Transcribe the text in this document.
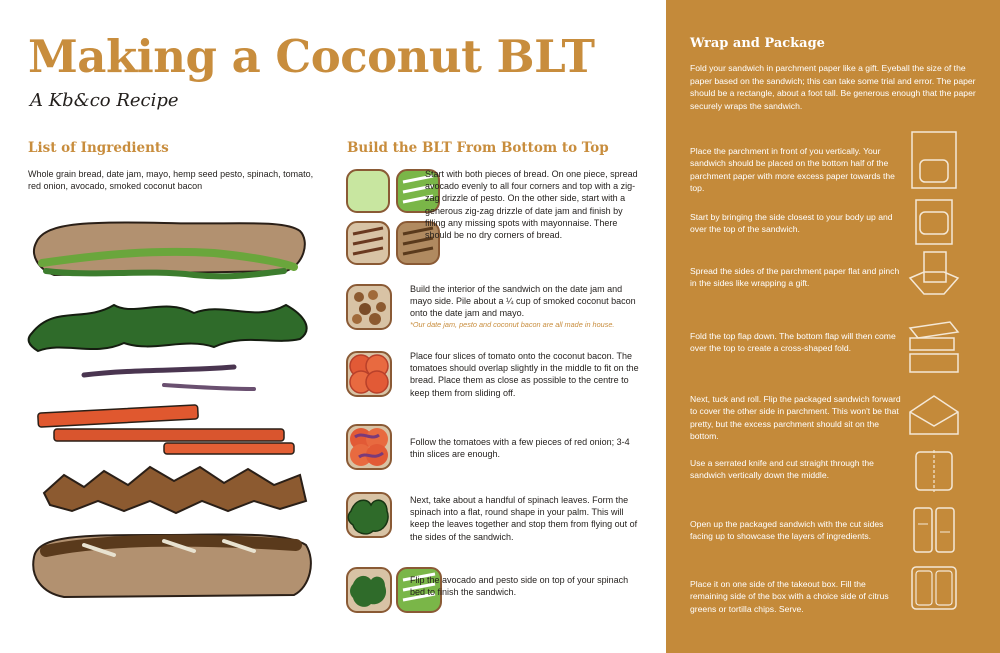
Making a Coconut BLT
A Kb&co Recipe
List of Ingredients
Whole grain bread, date jam, mayo, hemp seed pesto, spinach, tomato, red onion, avocado, smoked coconut bacon
Build the BLT From Bottom to Top
Start with both pieces of bread. On one piece, spread avocado evenly to all four corners and top with a zig-zag drizzle of pesto. On the other side, start with a generous zig-zag drizzle of date jam and finish by filling any missing spots with mayonnaise. There should be no dry corners of bread.
Build the interior of the sandwich on the date jam and mayo side. Pile about a ¼ cup of smoked coconut bacon onto the date jam and mayo.
*Our date jam, pesto and coconut bacon are all made in house.
Place four slices of tomato onto the coconut bacon. The tomatoes should overlap slightly in the middle to fit on the bread. Place them as close as possible to the centre to keep them from sliding off.
Follow the tomatoes with a few pieces of red onion; 3-4 thin slices are enough.
Next, take about a handful of spinach leaves. Form the spinach into a flat, round shape in your palm. This will keep the leaves together and stop them from flying out of the sides of the sandwich.
Flip the avocado and pesto side on top of your spinach bed to finish the sandwich.
Wrap and Package
Fold your sandwich in parchment paper like a gift. Eyeball the size of the paper based on the sandwich; this can take some trial and error. The paper should be a rectangle, about a foot tall. Be generous enough that the paper securely wraps the sandwich.
Place the parchment in front of you vertically. Your sandwich should be placed on the bottom half of the parchment paper with more excess paper towards the top.
Start by bringing the side closest to your body up and over the top of the sandwich.
Spread the sides of the parchment paper flat and pinch in the sides like wrapping a gift.
Fold the top flap down. The bottom flap will then come over the top to create a cross-shaped fold.
Next, tuck and roll. Flip the packaged sandwich forward to cover the other side in parchment. This won't be that pretty, but the excess parchment should sit on the bottom.
Use a serrated knife and cut straight through the sandwich vertically down the middle.
Open up the packaged sandwich with the cut sides facing up to showcase the layers of ingredients.
Place it on one side of the takeout box. Fill the remaining side of the box with a choice side of citrus greens or tortilla chips. Serve.
